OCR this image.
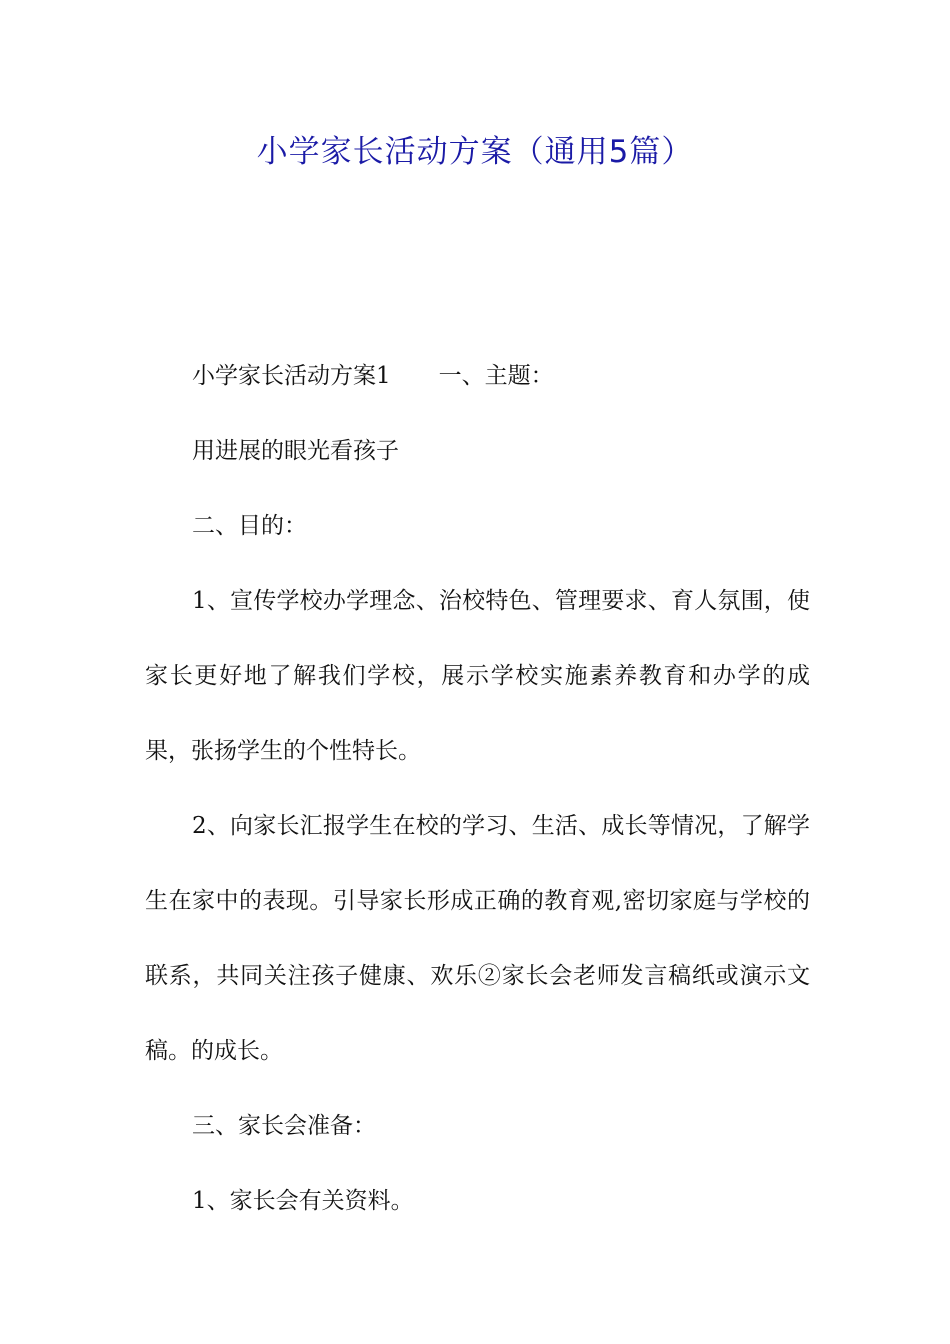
小学家长活动方案（通用5篇）

小学家长活动方案1 一、主题：

用进展的眼光看孩子

二、目的：

1、宣传学校办学理念、治校特色、管理要求、育人氛围，使家长更好地了解我们学校，展示学校实施素养教育和办学的成果，张扬学生的个性特长。

2、向家长汇报学生在校的学习、生活、成长等情况，了解学生在家中的表现。引导家长形成正确的教育观,密切家庭与学校的联系，共同关注孩子健康、欢乐②家长会老师发言稿纸或演示文稿。的成长。

三、家长会准备：

1、家长会有关资料。
